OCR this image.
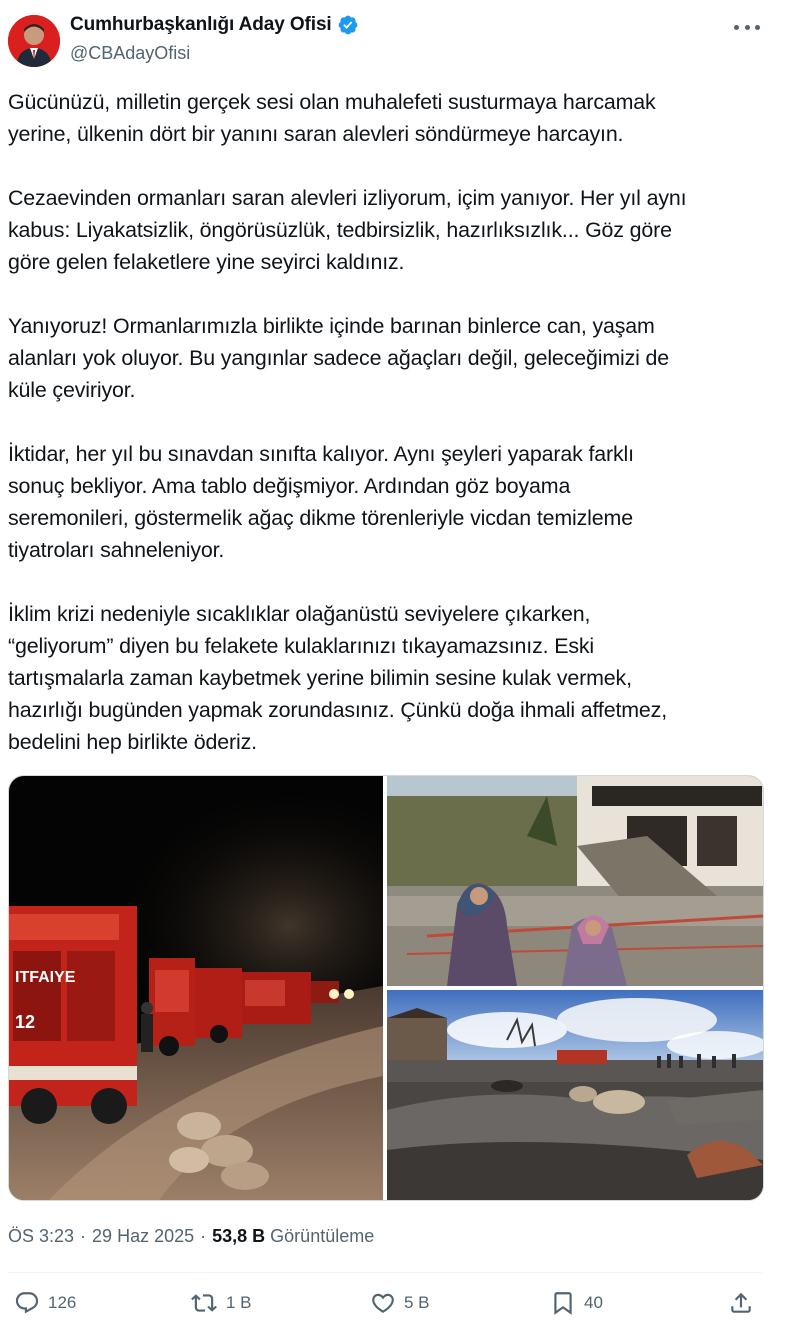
Cumhurbaşkanlığı Aday Ofisi
@CBAdayOfisi

Gücünüzü, milletin gerçek sesi olan muhalefeti susturmaya harcamak
yerine, ülkenin dört bir yanını saran alevleri söndürmeye harcayın.

Cezaevinden ormanları saran alevleri izliyorum, içim yanıyor. Her yıl aynı
kabus: Liyakatsizlik, öngörüsüzlük, tedbirsizlik, hazırlıksızlık... Göz göre
göre gelen felaketlere yine seyirci kaldınız.

Yanıyoruz! Ormanlarımızla birlikte içinde barınan binlerce can, yaşam
alanları yok oluyor. Bu yangınlar sadece ağaçları değil, geleceğimizi de
küle çeviriyor.

İktidar, her yıl bu sınavdan sınıfta kalıyor. Aynı şeyleri yaparak farklı
sonuç bekliyor. Ama tablo değişmiyor. Ardından göz boyama
seremonileri, göstermelik ağaç dikme törenleriyle vicdan temizleme
tiyatroları sahneleniyor.

İklim krizi nedeniyle sıcaklıklar olağanüstü seviyelere çıkarken,
“geliyorum” diyen bu felakete kulaklarınızı tıkayamazsınız. Eski
tartışmalarla zaman kaybetmek yerine bilimin sesine kulak vermek,
hazırlığı bugünden yapmak zorundasınız. Çünkü doğa ihmali affetmez,
bedelini hep birlikte öderiz.

ITFAIYE
12
ÖS 3:23 · 29 Haz 2025 · 53,8 B Görüntüleme
126	1 B	5 B	40
